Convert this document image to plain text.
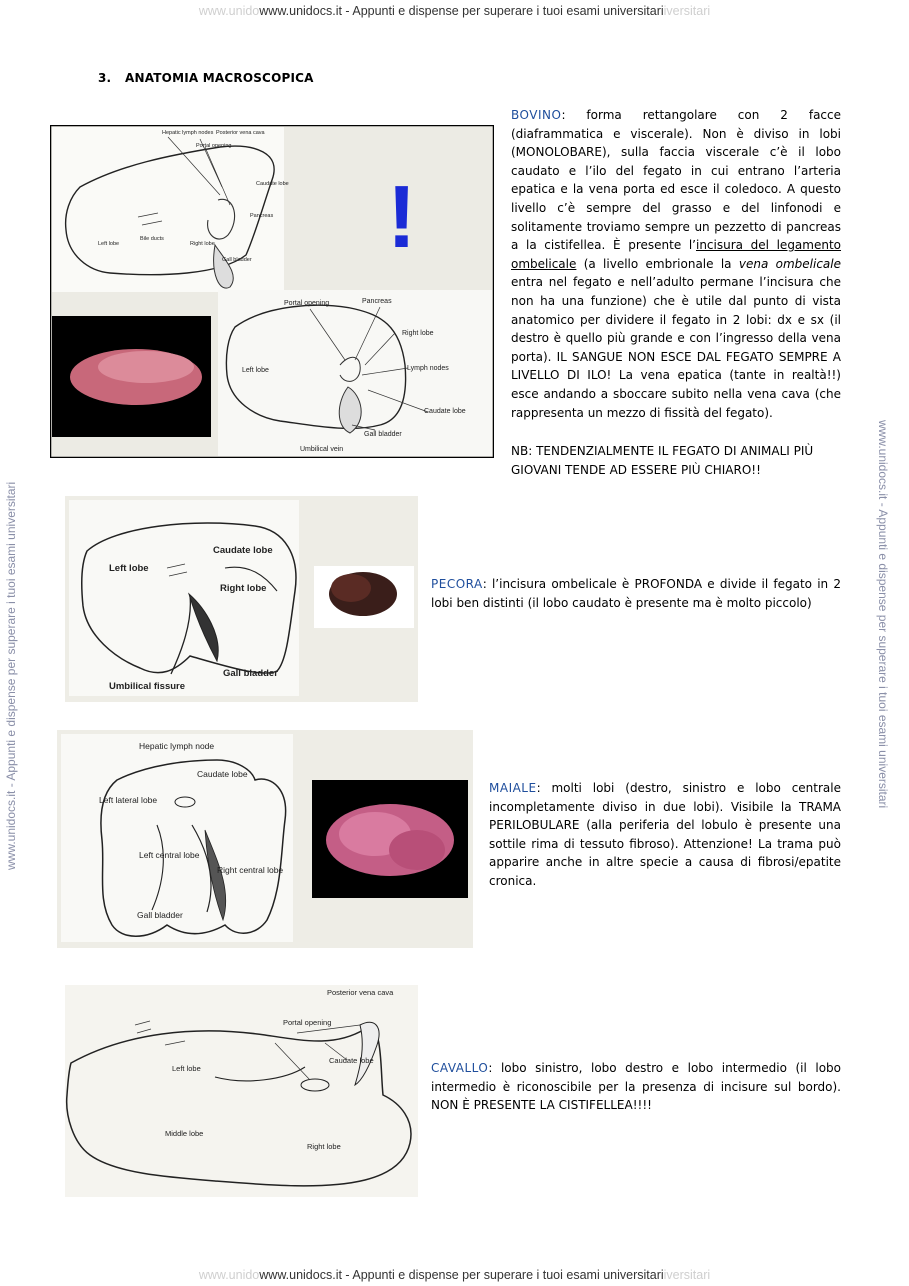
www.unidowww.unidocs.it - Appunti e dispense per superare i tuoi esami universitariiversitari
www.unidowww.unidocs.it - Appunti e dispense per superare i tuoi esami universitariiversitari
www.unidocs.it - Appunti e dispense per superare i tuoi esami universitari	www.unidocs.it - Appunti e dispense per superare i tuoi esami universitari
3. ANATOMIA MACROSCOPICA
Hepatic lymph nodes Posterior vena cava
Portal opening
Caudate lobe
Pancreas
Left lobe
Bile ducts
Right lobe
Gall bladder !
Portal opening	Pancreas
Right lobe
Left lobe	Lymph nodes
Caudate lobe
Gall bladder
Umbilical vein
BOVINO: forma rettangolare con 2 facce (diaframmatica e viscerale). Non è diviso in lobi (MONOLOBARE), sulla faccia viscerale c’è il lobo caudato e l’ilo del fegato in cui entrano l’arteria epatica e la vena porta ed esce il coledoco. A questo livello c’è sempre del grasso e del linfonodi e solitamente troviamo sempre un pezzetto di pancreas a la cistifellea. È presente l’incisura del legamento ombelicale (a livello embrionale la vena ombelicale entra nel fegato e nell’adulto permane l’incisura che non ha una funzione) che è utile dal punto di vista anatomico per dividere il fegato in 2 lobi: dx e sx (il destro è quello più grande e con l’ingresso della vena porta). IL SANGUE NON ESCE DAL FEGATO SEMPRE A LIVELLO DI ILO! La vena epatica (tante in realtà!!) esce andando a sboccare subito nella vena cava (che rappresenta un mezzo di fissità del fegato).
NB: TENDENZIALMENTE IL FEGATO DI ANIMALI PIÙ GIOVANI TENDE AD ESSERE PIÙ CHIARO!!
Left lobe
Caudate lobe
Right lobe
Gall bladder
Umbilical fissure
PECORA: l’incisura ombelicale è PROFONDA e divide il fegato in 2 lobi ben distinti (il lobo caudato è presente ma è molto piccolo)
Hepatic lymph node
Caudate lobe
Left lateral lobe
Left central lobe
Right central lobe
Gall bladder
MAIALE: molti lobi (destro, sinistro e lobo centrale incompletamente diviso in due lobi). Visibile la TRAMA PERILOBULARE (alla periferia del lobulo è presente una sottile rima di tessuto fibroso). Attenzione! La trama può apparire anche in altre specie a causa di fibrosi/epatite cronica.
Posterior vena cava
Portal opening
Caudate lobe
Left lobe
Middle lobe
Right lobe
CAVALLO: lobo sinistro, lobo destro e lobo intermedio (il lobo intermedio è riconoscibile per la presenza di incisure sul bordo). NON È PRESENTE LA CISTIFELLEA!!!!
